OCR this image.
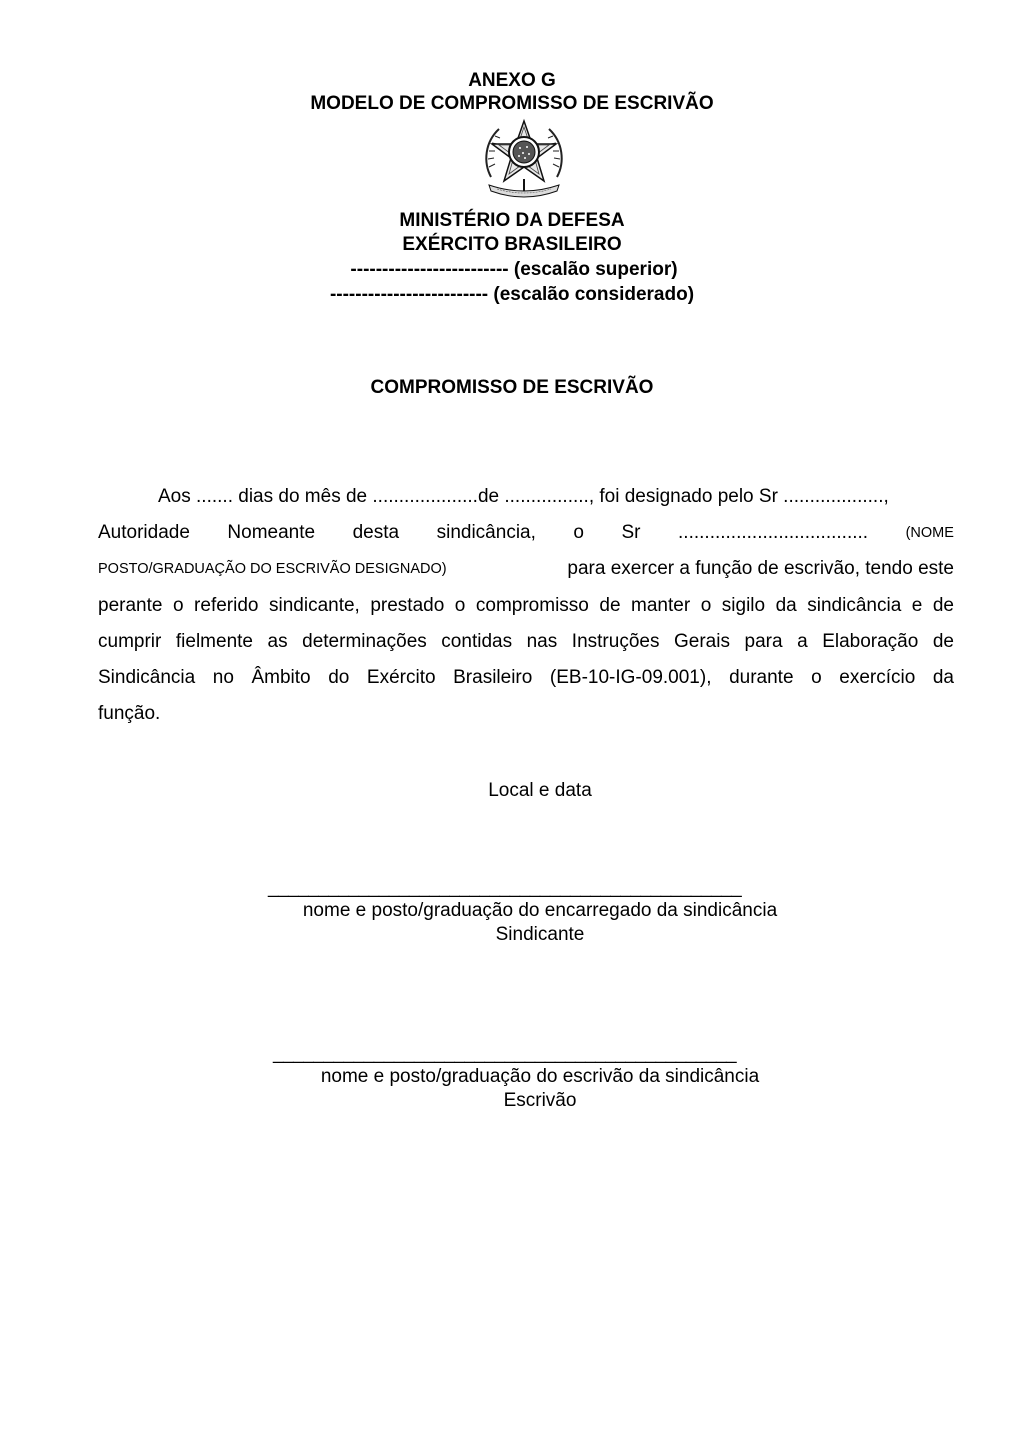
ANEXO G
MODELO DE COMPROMISSO DE ESCRIVÃO
MINISTÉRIO DA DEFESA
EXÉRCITO BRASILEIRO
------------------------- (escalão superior)
------------------------- (escalão considerado)
COMPROMISSO DE ESCRIVÃO
Aos ....... dias do mês de ....................de ................, foi designado pelo Sr ...................,
Autoridade Nomeante desta sindicância, o Sr ....................................	(NOME
POSTO/GRADUAÇÃO DO ESCRIVÃO DESIGNADO)	para exercer a função de escrivão, tendo este
perante o referido sindicante, prestado o compromisso de manter o sigilo da sindicância e de
cumprir fielmente as determinações contidas nas Instruções Gerais para a Elaboração de
Sindicância no Âmbito do Exército Brasileiro (EB-10-IG-09.001), durante o exercício da
função.
Local e data
_______________________________________________
nome e posto/graduação do encarregado da sindicância
Sindicante
______________________________________________
nome e posto/graduação do escrivão da sindicância
Escrivão
